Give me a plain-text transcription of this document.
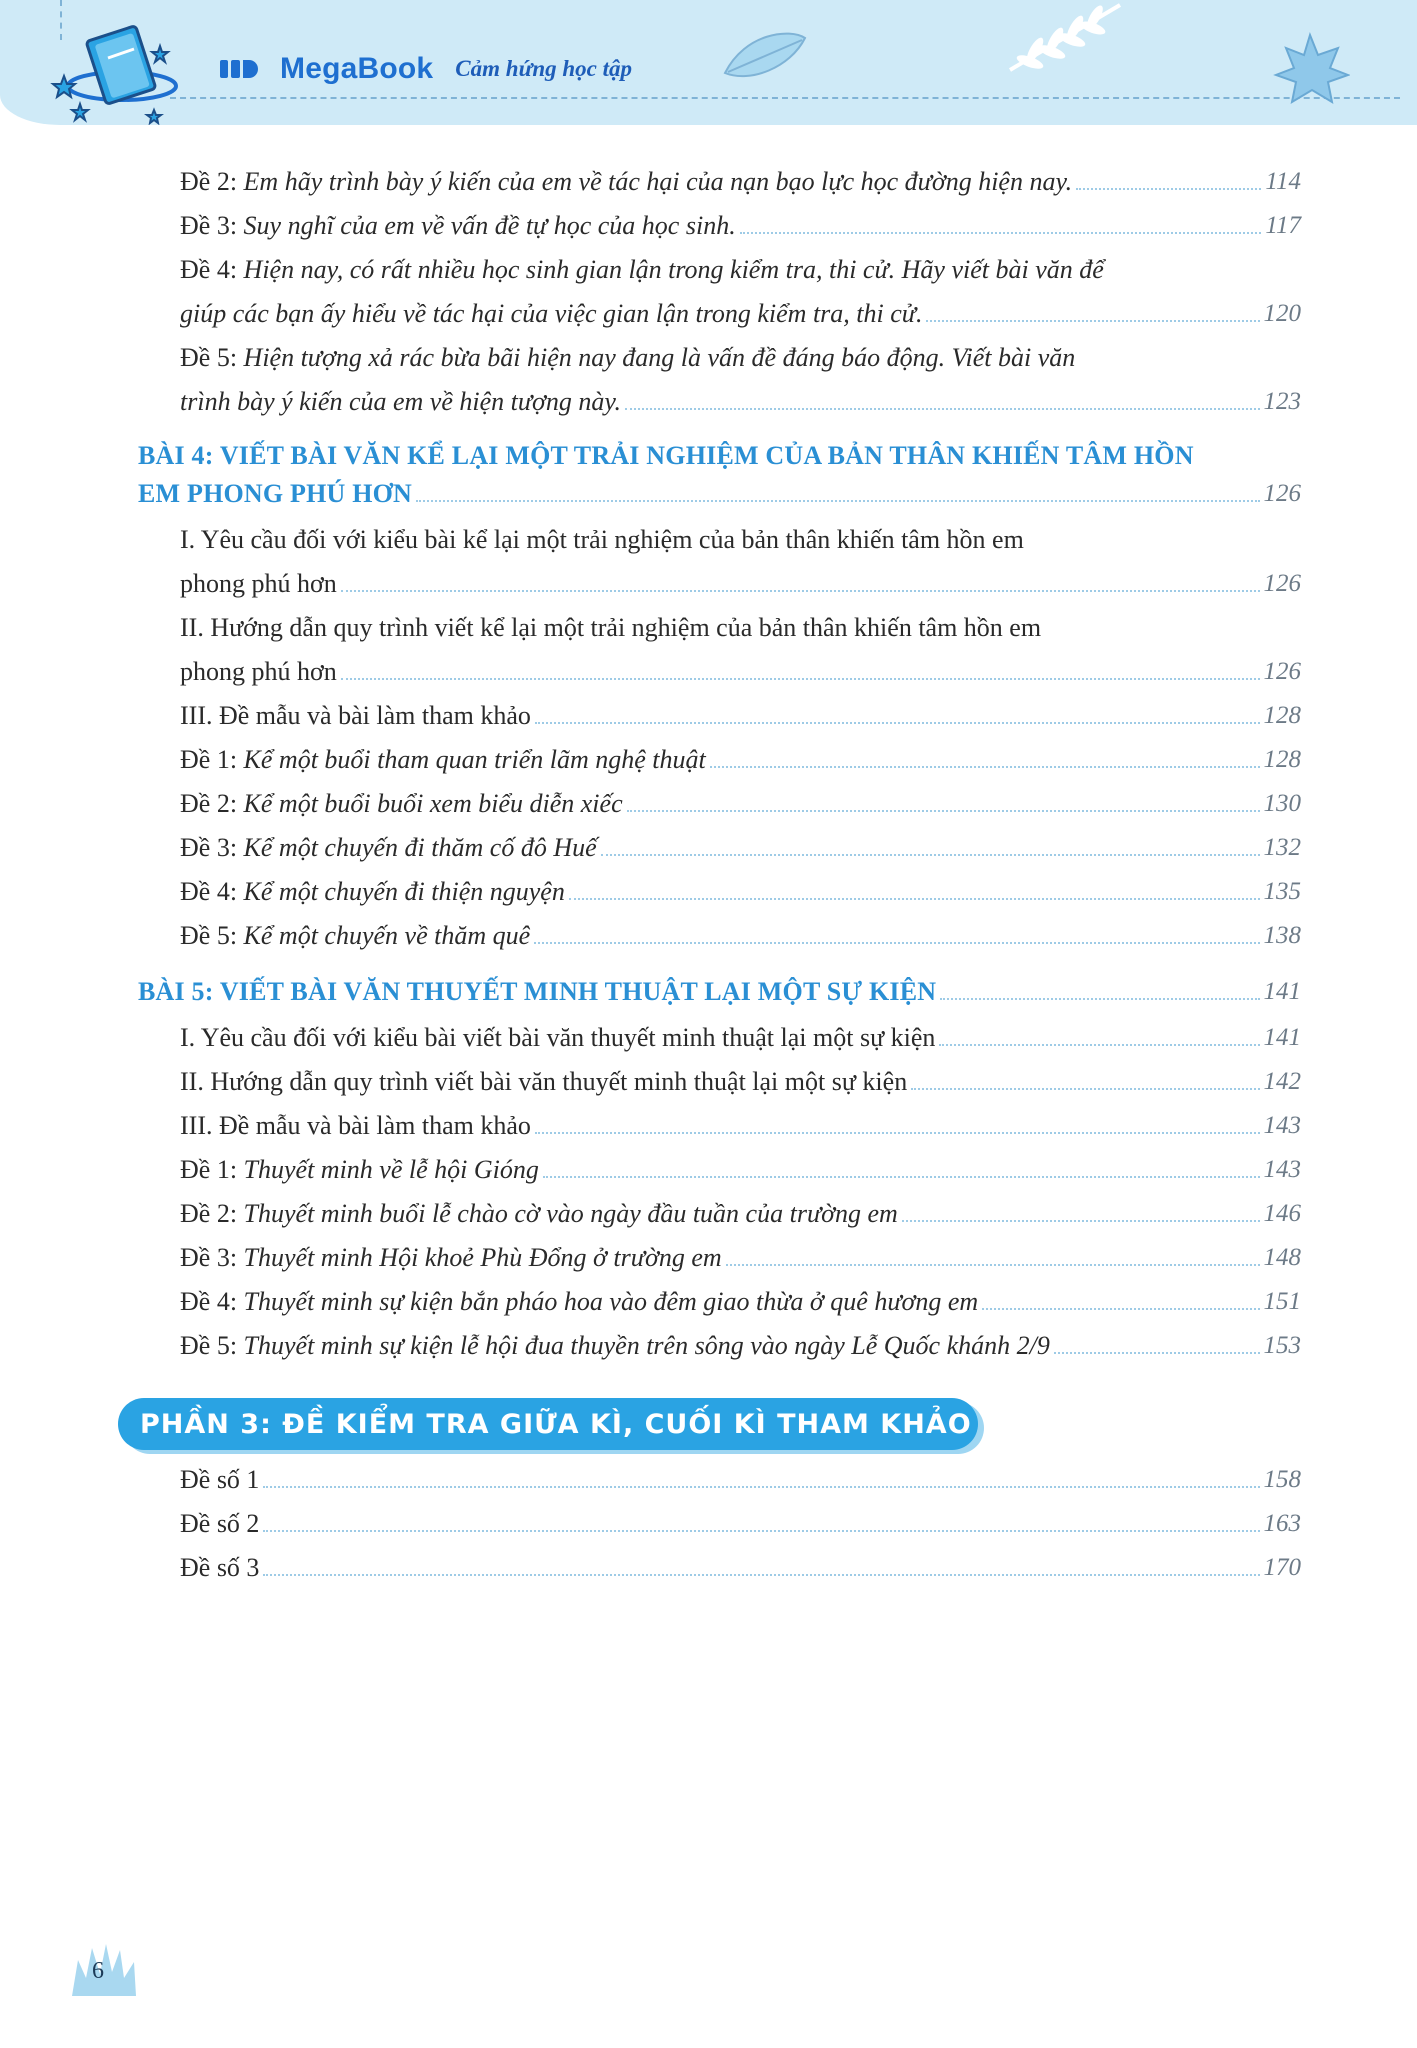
MegaBook Cảm hứng học tập
Đề 2: Em hãy trình bày ý kiến của em về tác hại của nạn bạo lực học đường hiện nay.	114
Đề 3: Suy nghĩ của em về vấn đề tự học của học sinh.	117
Đề 4: Hiện nay, có rất nhiều học sinh gian lận trong kiểm tra, thi cử. Hãy viết bài văn để
giúp các bạn ấy hiểu về tác hại của việc gian lận trong kiểm tra, thi cử.	120
Đề 5: Hiện tượng xả rác bừa bãi hiện nay đang là vấn đề đáng báo động. Viết bài văn
trình bày ý kiến của em về hiện tượng này.	123
BÀI 4: VIẾT BÀI VĂN KỂ LẠI MỘT TRẢI NGHIỆM CỦA BẢN THÂN KHIẾN TÂM HỒN
EM PHONG PHÚ HƠN	126
I. Yêu cầu đối với kiểu bài kể lại một trải nghiệm của bản thân khiến tâm hồn em
phong phú hơn	126
II. Hướng dẫn quy trình viết kể lại một trải nghiệm của bản thân khiến tâm hồn em
phong phú hơn	126
III. Đề mẫu và bài làm tham khảo	128
Đề 1: Kể một buổi tham quan triển lãm nghệ thuật	128
Đề 2: Kể một buổi buổi xem biểu diễn xiếc	130
Đề 3: Kể một chuyến đi thăm cố đô Huế	132
Đề 4: Kể một chuyến đi thiện nguyện	135
Đề 5: Kể một chuyến về thăm quê	138
BÀI 5: VIẾT BÀI VĂN THUYẾT MINH THUẬT LẠI MỘT SỰ KIỆN	141
I. Yêu cầu đối với kiểu bài viết bài văn thuyết minh thuật lại một sự kiện	141
II. Hướng dẫn quy trình viết bài văn thuyết minh thuật lại một sự kiện	142
III. Đề mẫu và bài làm tham khảo	143
Đề 1: Thuyết minh về lễ hội Gióng	143
Đề 2: Thuyết minh buổi lễ chào cờ vào ngày đầu tuần của trường em	146
Đề 3: Thuyết minh Hội khoẻ Phù Đổng ở trường em	148
Đề 4: Thuyết minh sự kiện bắn pháo hoa vào đêm giao thừa ở quê hương em	151
Đề 5: Thuyết minh sự kiện lễ hội đua thuyền trên sông vào ngày Lễ Quốc khánh 2/9	153
PHẦN 3: ĐỀ KIỂM TRA GIỮA KÌ, CUỐI KÌ THAM KHẢO
Đề số 1	158
Đề số 2	163
Đề số 3	170
6
